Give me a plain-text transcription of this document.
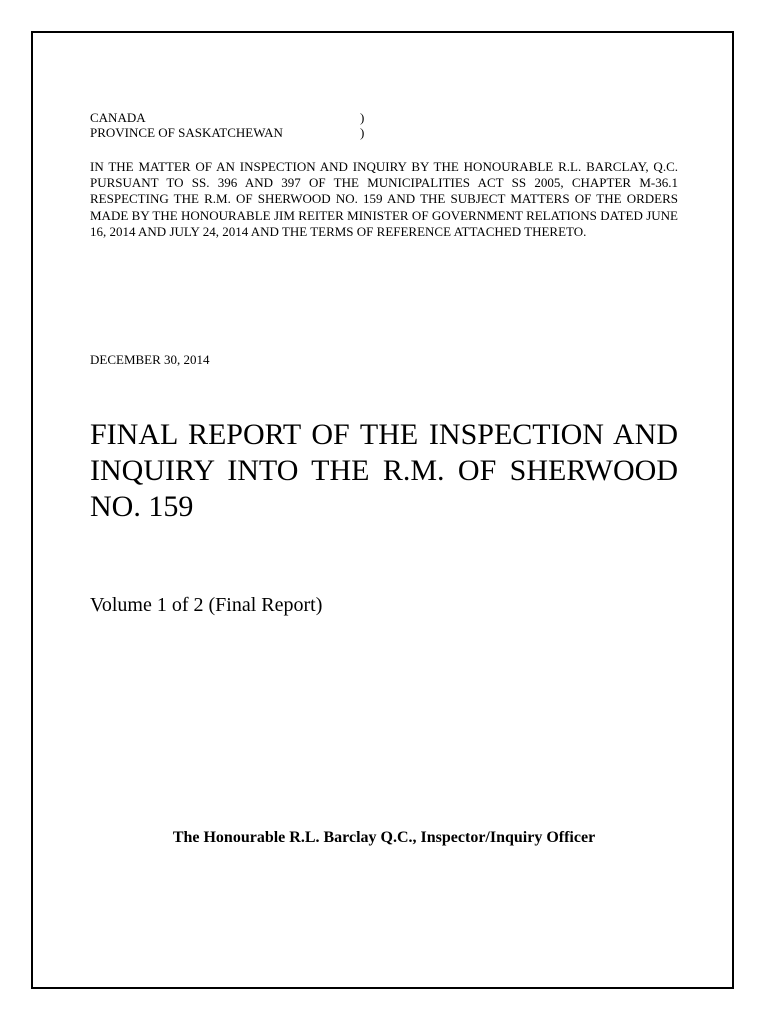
CANADA	)
PROVINCE OF SASKATCHEWAN	)
IN THE MATTER OF AN INSPECTION AND INQUIRY BY THE HONOURABLE R.L. BARCLAY, Q.C. PURSUANT TO SS. 396 AND 397 OF THE MUNICIPALITIES ACT SS 2005, CHAPTER M-36.1 RESPECTING THE R.M. OF SHERWOOD NO. 159 AND THE SUBJECT MATTERS OF THE ORDERS MADE BY THE HONOURABLE JIM REITER MINISTER OF GOVERNMENT RELATIONS DATED JUNE 16, 2014 AND JULY 24, 2014 AND THE TERMS OF REFERENCE ATTACHED THERETO.
DECEMBER 30, 2014
FINAL REPORT OF THE INSPECTION AND INQUIRY INTO THE R.M. OF SHERWOOD NO. 159
Volume 1 of 2 (Final Report)
The Honourable R.L. Barclay Q.C., Inspector/Inquiry Officer
